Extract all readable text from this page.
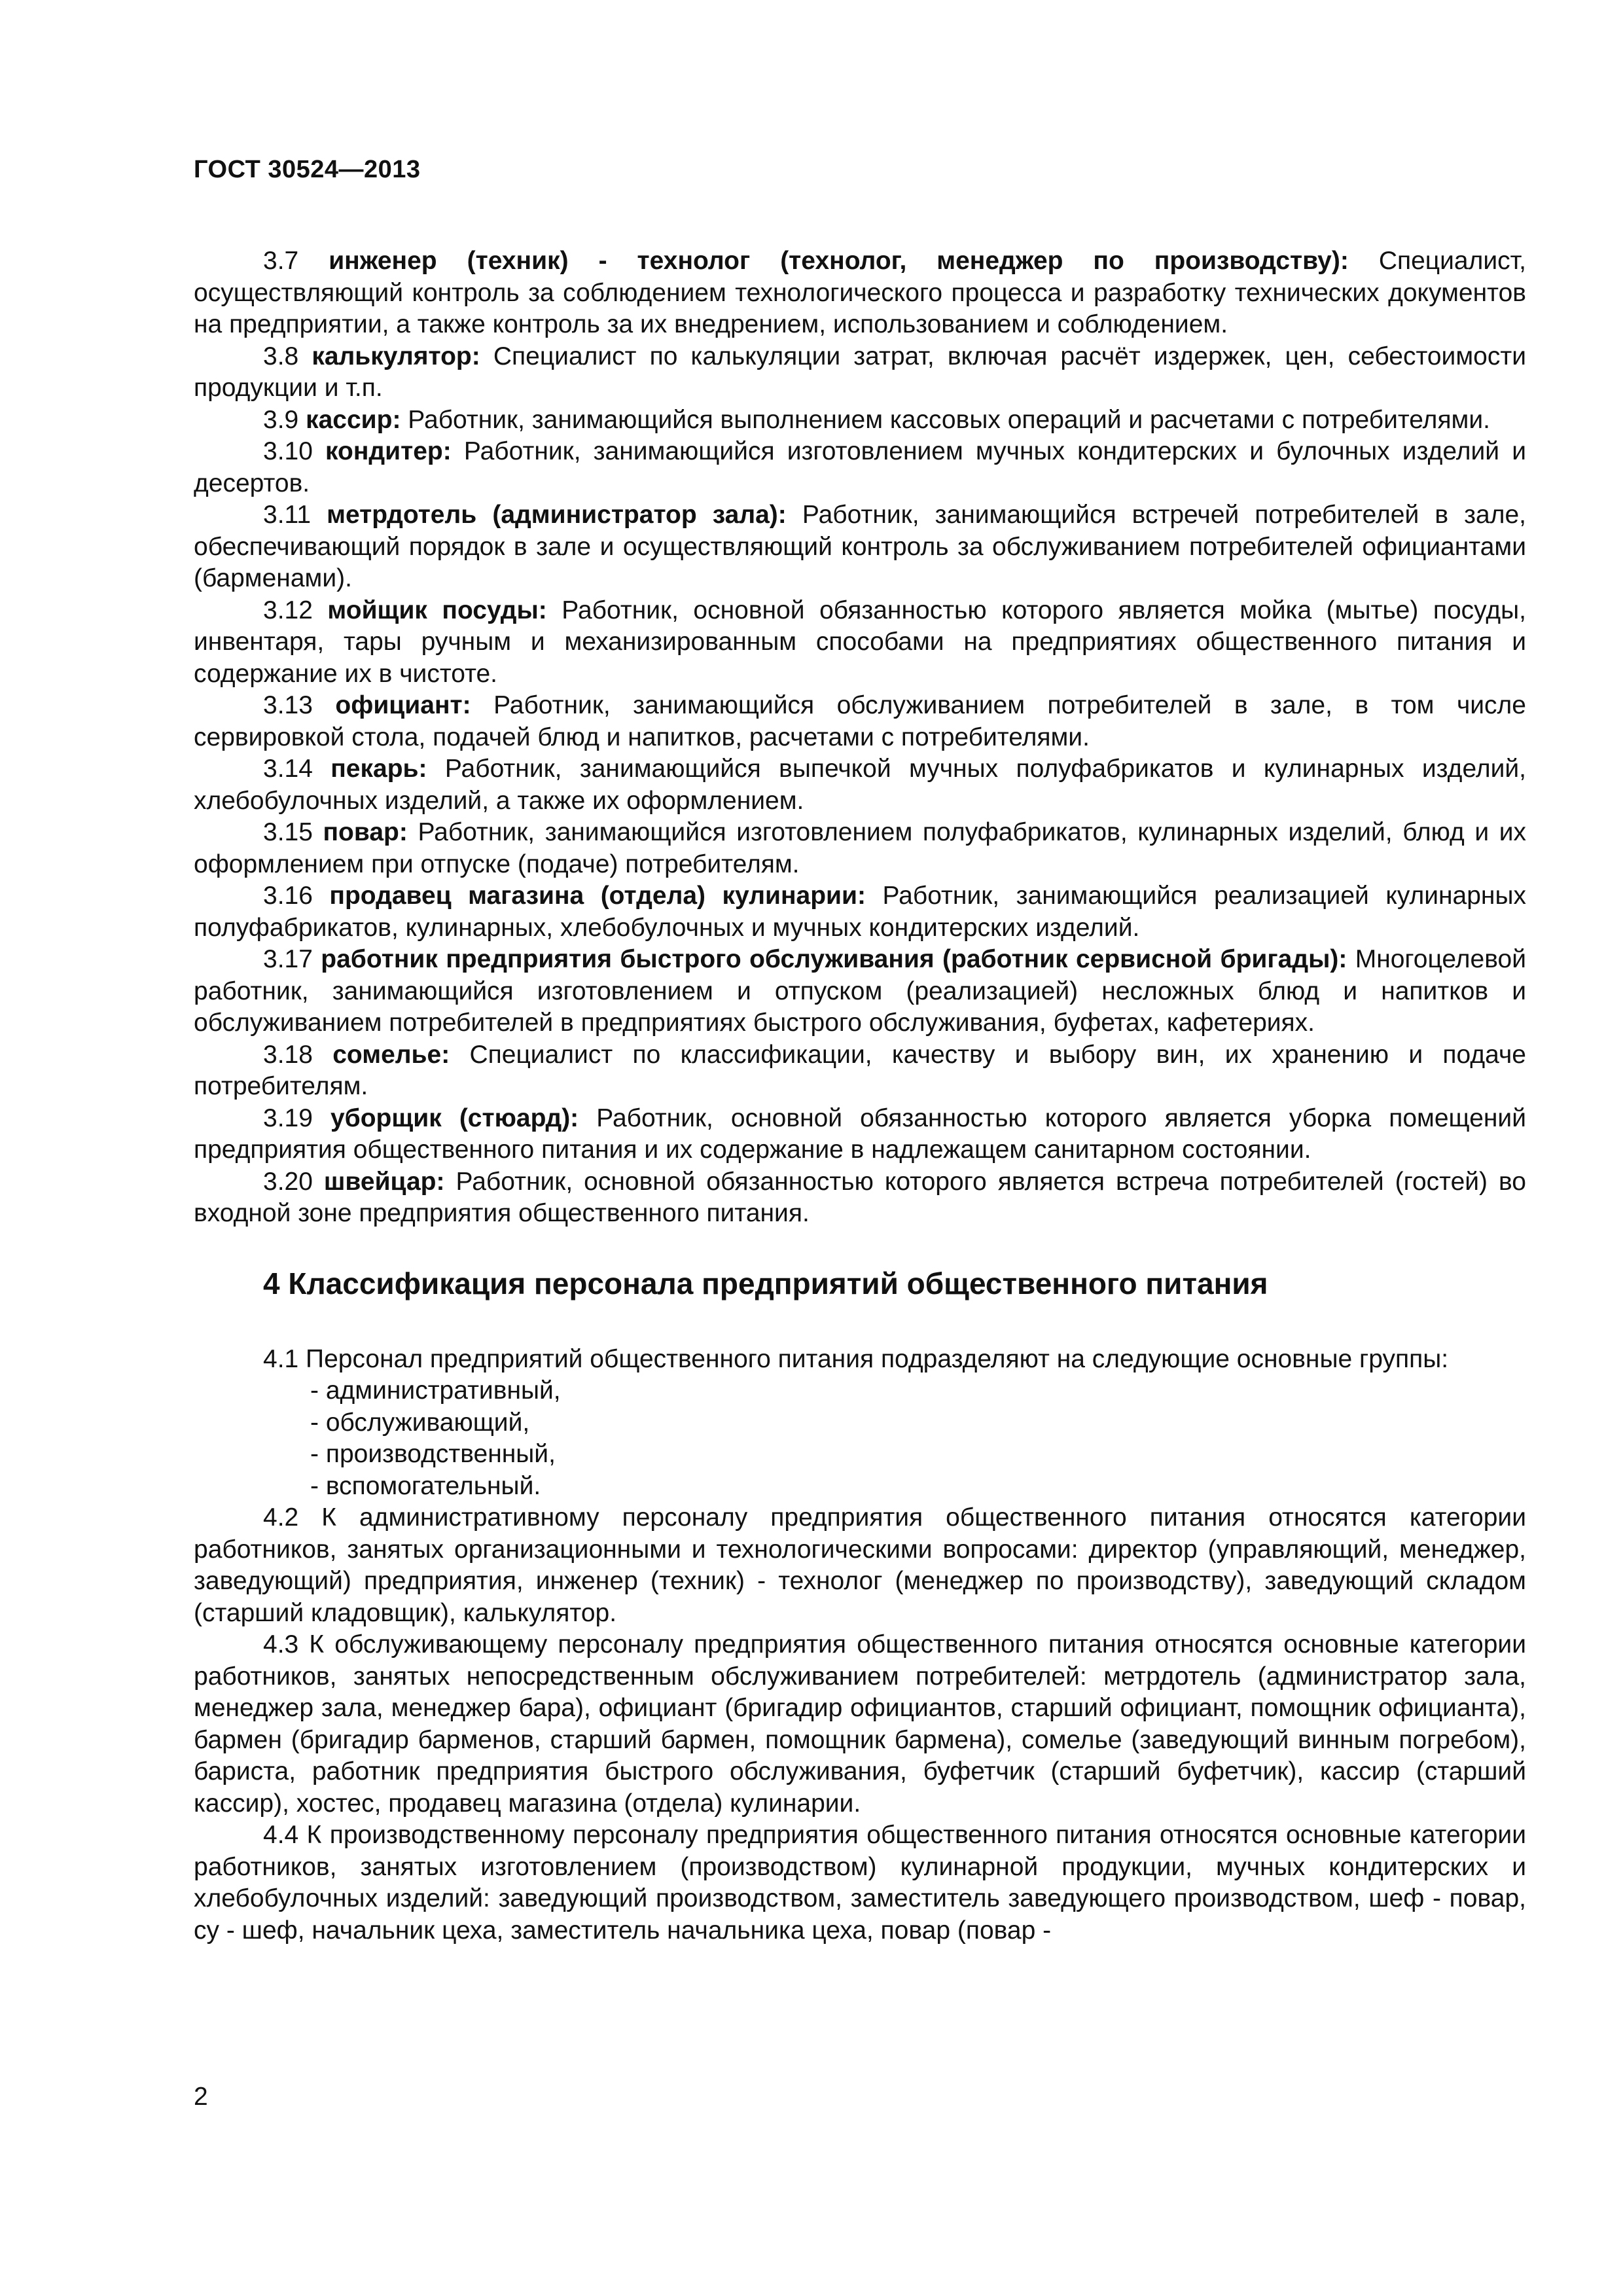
ГОСТ 30524—2013

3.7 инженер (техник) - технолог (технолог, менеджер по производству): Специалист, осуществляющий контроль за соблюдением технологического процесса и разработку технических документов на предприятии, а также контроль за их внедрением, использованием и соблюдением.

3.8 калькулятор: Специалист по калькуляции затрат, включая расчёт издержек, цен, себестоимости продукции и т.п.

3.9 кассир: Работник, занимающийся выполнением кассовых операций и расчетами с потребителями.

3.10 кондитер: Работник, занимающийся изготовлением мучных кондитерских и булочных изделий и десертов.

3.11 метрдотель (администратор зала): Работник, занимающийся встречей потребителей в зале, обеспечивающий порядок в зале и осуществляющий контроль за обслуживанием потребителей официантами (барменами).

3.12 мойщик посуды: Работник, основной обязанностью которого является мойка (мытье) посуды, инвентаря, тары ручным и механизированным способами на предприятиях общественного питания и содержание их в чистоте.

3.13 официант: Работник, занимающийся обслуживанием потребителей в зале, в том числе сервировкой стола, подачей блюд и напитков, расчетами с потребителями.

3.14 пекарь: Работник, занимающийся выпечкой мучных полуфабрикатов и кулинарных изделий, хлебобулочных изделий, а также их оформлением.

3.15 повар: Работник, занимающийся изготовлением полуфабрикатов, кулинарных изделий, блюд и их оформлением при отпуске (подаче) потребителям.

3.16 продавец магазина (отдела) кулинарии: Работник, занимающийся реализацией кулинарных полуфабрикатов, кулинарных, хлебобулочных и мучных кондитерских изделий.

3.17 работник предприятия быстрого обслуживания (работник сервисной бригады): Многоцелевой работник, занимающийся изготовлением и отпуском (реализацией) несложных блюд и напитков и обслуживанием потребителей в предприятиях быстрого обслуживания, буфетах, кафетериях.

3.18 сомелье: Специалист по классификации, качеству и выбору вин, их хранению и подаче потребителям.

3.19 уборщик (стюард): Работник, основной обязанностью которого является уборка помещений предприятия общественного питания и их содержание в надлежащем санитарном состоянии.

3.20 швейцар: Работник, основной обязанностью которого является встреча потребителей (гостей) во входной зоне предприятия общественного питания.

4 Классификация персонала предприятий общественного питания

4.1 Персонал предприятий общественного питания подразделяют на следующие основные группы:

- административный,
- обслуживающий,
- производственный,
- вспомогательный.

4.2 К административному персоналу предприятия общественного питания относятся категории работников, занятых организационными и технологическими вопросами: директор (управляющий, менеджер, заведующий) предприятия, инженер (техник) - технолог (менеджер по производству), заведующий складом (старший кладовщик), калькулятор.

4.3 К обслуживающему персоналу предприятия общественного питания относятся основные категории работников, занятых непосредственным обслуживанием потребителей: метрдотель (администратор зала, менеджер зала, менеджер бара), официант (бригадир официантов, старший официант, помощник официанта), бармен (бригадир барменов, старший бармен, помощник бармена), сомелье (заведующий винным погребом), бариста, работник предприятия быстрого обслуживания, буфетчик (старший буфетчик), кассир (старший кассир), хостес, продавец магазина (отдела) кулинарии.

4.4 К производственному персоналу предприятия общественного питания относятся основные категории работников, занятых изготовлением (производством) кулинарной продукции, мучных кондитерских и хлебобулочных изделий: заведующий производством, заместитель заведующего производством, шеф - повар, су - шеф, начальник цеха, заместитель начальника цеха, повар (повар -

2
